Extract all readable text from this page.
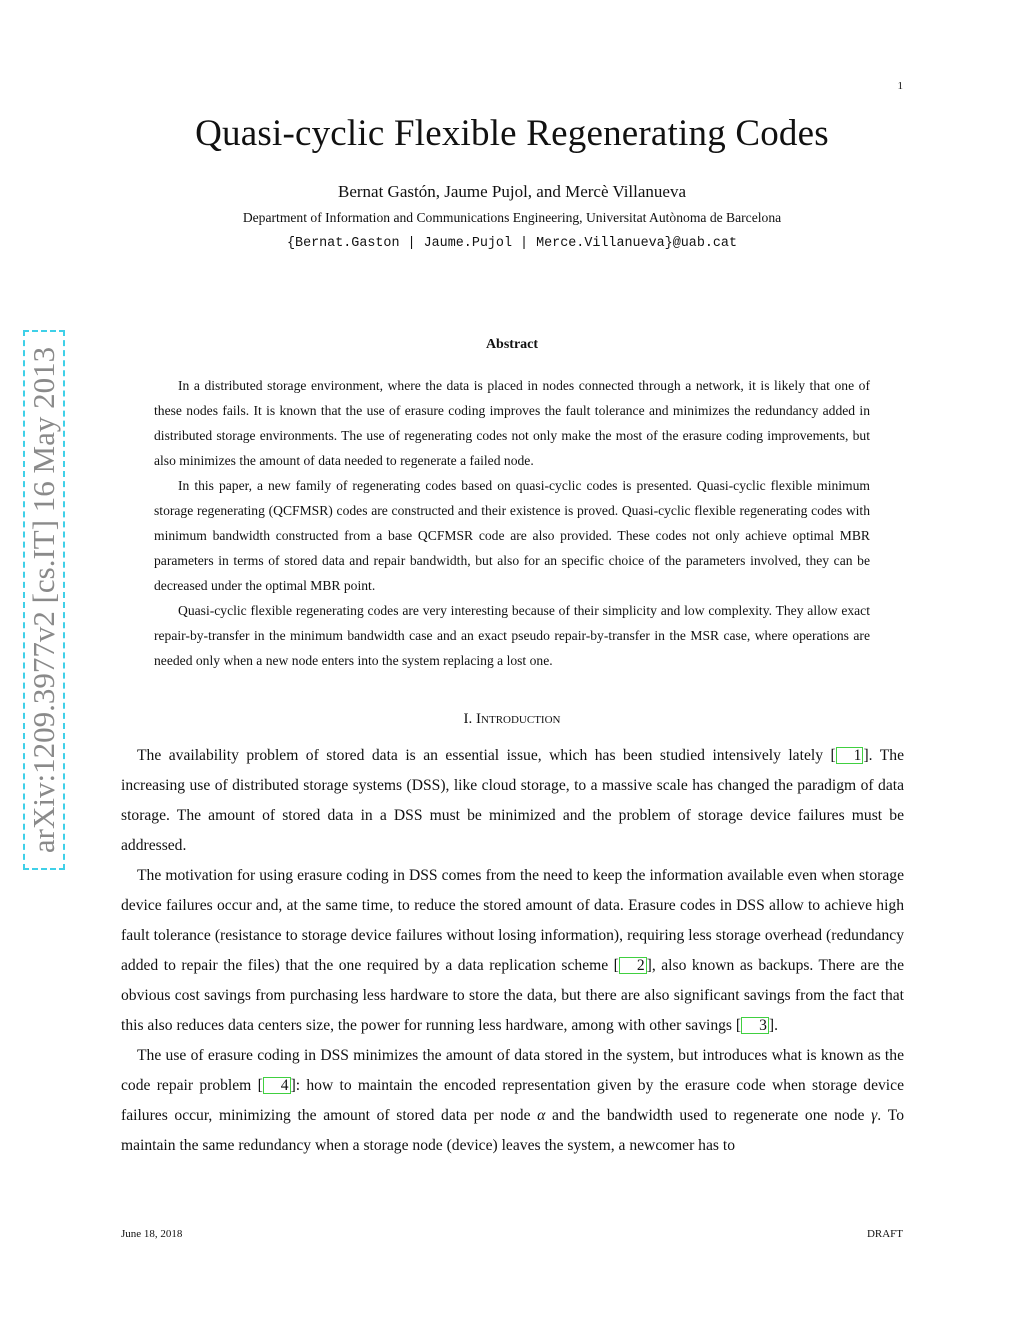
1
Quasi-cyclic Flexible Regenerating Codes
Bernat Gastón, Jaume Pujol, and Mercè Villanueva
Department of Information and Communications Engineering, Universitat Autònoma de Barcelona
{Bernat.Gaston | Jaume.Pujol | Merce.Villanueva}@uab.cat
arXiv:1209.3977v2 [cs.IT] 16 May 2013
Abstract

In a distributed storage environment, where the data is placed in nodes connected through a network, it is likely that one of these nodes fails. It is known that the use of erasure coding improves the fault tolerance and minimizes the redundancy added in distributed storage environments. The use of regenerating codes not only make the most of the erasure coding improvements, but also minimizes the amount of data needed to regenerate a failed node.

In this paper, a new family of regenerating codes based on quasi-cyclic codes is presented. Quasi-cyclic flexible minimum storage regenerating (QCFMSR) codes are constructed and their existence is proved. Quasi-cyclic flexible regenerating codes with minimum bandwidth constructed from a base QCFMSR code are also provided. These codes not only achieve optimal MBR parameters in terms of stored data and repair bandwidth, but also for an specific choice of the parameters involved, they can be decreased under the optimal MBR point.

Quasi-cyclic flexible regenerating codes are very interesting because of their simplicity and low complexity. They allow exact repair-by-transfer in the minimum bandwidth case and an exact pseudo repair-by-transfer in the MSR case, where operations are needed only when a new node enters into the system replacing a lost one.

I. Introduction

The availability problem of stored data is an essential issue, which has been studied intensively lately [ 1 ]. The increasing use of distributed storage systems (DSS), like cloud storage, to a massive scale has changed the paradigm of data storage. The amount of stored data in a DSS must be minimized and the problem of storage device failures must be addressed.

The motivation for using erasure coding in DSS comes from the need to keep the information available even when storage device failures occur and, at the same time, to reduce the stored amount of data. Erasure codes in DSS allow to achieve high fault tolerance (resistance to storage device failures without losing information), requiring less storage overhead (redundancy added to repair the files) that the one required by a data replication scheme [ 2 ], also known as backups. There are the obvious cost savings from purchasing less hardware to store the data, but there are also significant savings from the fact that this also reduces data centers size, the power for running less hardware, among with other savings [ 3 ].

The use of erasure coding in DSS minimizes the amount of data stored in the system, but introduces what is known as the code repair problem [ 4 ]: how to maintain the encoded representation given by the erasure code when storage device failures occur, minimizing the amount of stored data per node α and the bandwidth used to regenerate one node γ. To maintain the same redundancy when a storage node (device) leaves the system, a newcomer has to

June 18, 2018	DRAFT
